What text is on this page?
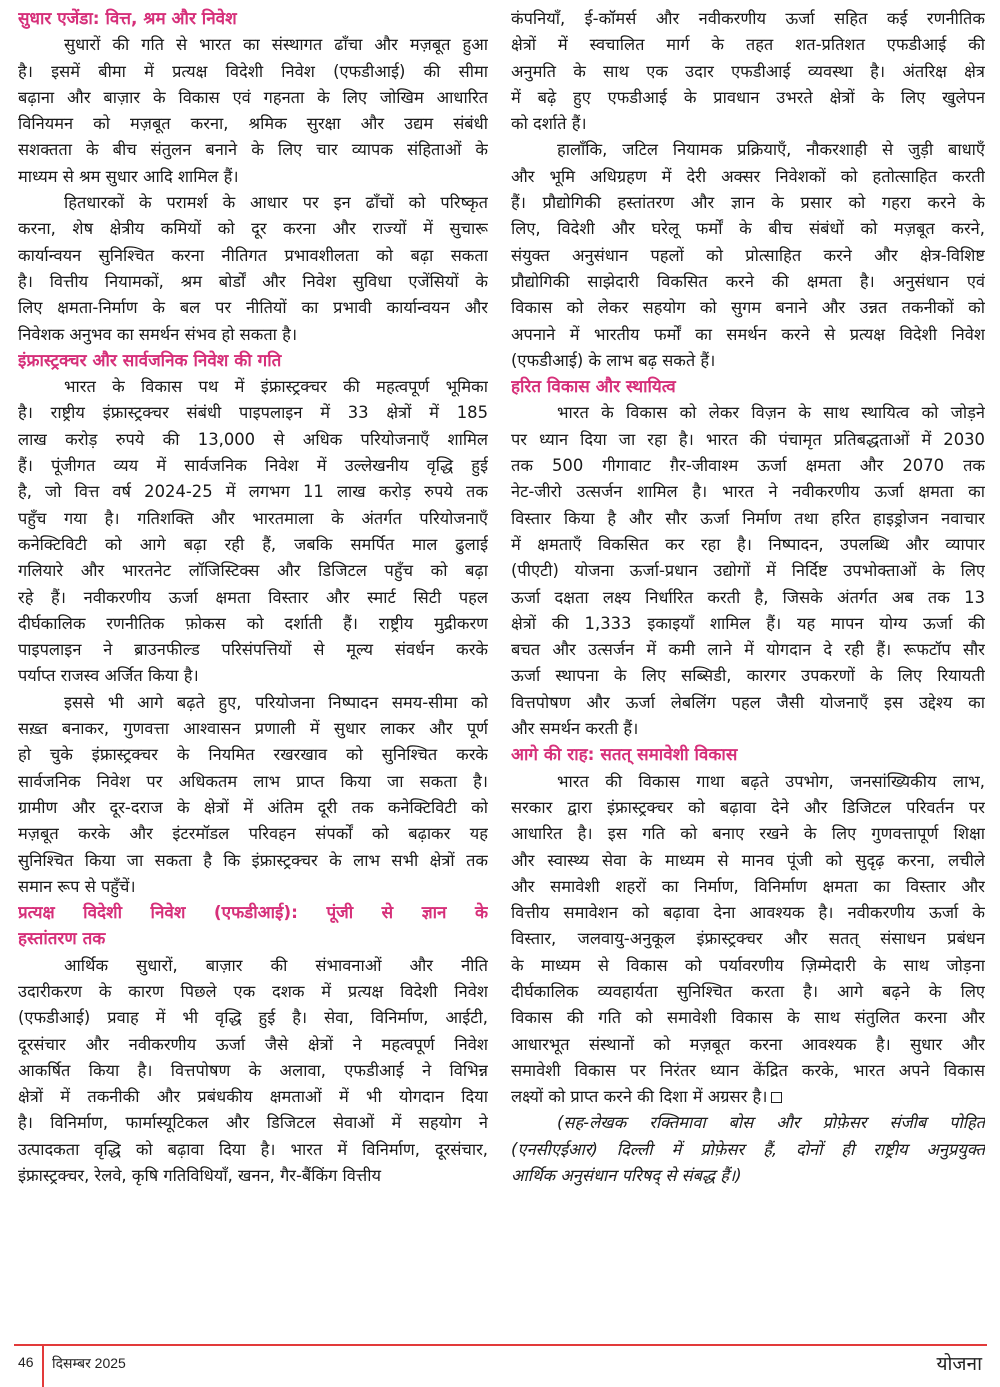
सुधार एजेंडा: वित्त, श्रम और निवेश
सुधारों की गति से भारत का संस्थागत ढाँचा और मज़बूत हुआ
है। इसमें बीमा में प्रत्यक्ष विदेशी निवेश (एफडीआई) की सीमा
बढ़ाना और बाज़ार के विकास एवं गहनता के लिए जोखिम आधारित
विनियमन को मज़बूत करना, श्रमिक सुरक्षा और उद्यम संबंधी
सशक्तता के बीच संतुलन बनाने के लिए चार व्यापक संहिताओं के
माध्यम से श्रम सुधार आदि शामिल हैं।
हितधारकों के परामर्श के आधार पर इन ढाँचों को परिष्कृत
करना, शेष क्षेत्रीय कमियों को दूर करना और राज्यों में सुचारू
कार्यान्वयन सुनिश्चित करना नीतिगत प्रभावशीलता को बढ़ा सकता
है। वित्तीय नियामकों, श्रम बोर्डों और निवेश सुविधा एजेंसियों के
लिए क्षमता-निर्माण के बल पर नीतियों का प्रभावी कार्यान्वयन और
निवेशक अनुभव का समर्थन संभव हो सकता है।
इंफ्रास्ट्रक्चर और सार्वजनिक निवेश की गति
भारत के विकास पथ में इंफ्रास्ट्रक्चर की महत्वपूर्ण भूमिका
है। राष्ट्रीय इंफ्रास्ट्रक्चर संबंधी पाइपलाइन में 33 क्षेत्रों में 185
लाख करोड़ रुपये की 13,000 से अधिक परियोजनाएँ शामिल
हैं। पूंजीगत व्यय में सार्वजनिक निवेश में उल्लेखनीय वृद्धि हुई
है, जो वित्त वर्ष 2024-25 में लगभग 11 लाख करोड़ रुपये तक
पहुँच गया है। गतिशक्ति और भारतमाला के अंतर्गत परियोजनाएँ
कनेक्टिविटी को आगे बढ़ा रही हैं, जबकि समर्पित माल ढुलाई
गलियारे और भारतनेट लॉजिस्टिक्स और डिजिटल पहुँच को बढ़ा
रहे हैं। नवीकरणीय ऊर्जा क्षमता विस्तार और स्मार्ट सिटी पहल
दीर्घकालिक रणनीतिक फ़ोकस को दर्शाती हैं। राष्ट्रीय मुद्रीकरण
पाइपलाइन ने ब्राउनफील्ड परिसंपत्तियों से मूल्य संवर्धन करके
पर्याप्त राजस्व अर्जित किया है।
इससे भी आगे बढ़ते हुए, परियोजना निष्पादन समय-सीमा को
सख़्त बनाकर, गुणवत्ता आश्वासन प्रणाली में सुधार लाकर और पूर्ण
हो चुके इंफ्रास्ट्रक्चर के नियमित रखरखाव को सुनिश्चित करके
सार्वजनिक निवेश पर अधिकतम लाभ प्राप्त किया जा सकता है।
ग्रामीण और दूर-दराज के क्षेत्रों में अंतिम दूरी तक कनेक्टिविटी को
मज़बूत करके और इंटरमॉडल परिवहन संपर्कों को बढ़ाकर यह
सुनिश्चित किया जा सकता है कि इंफ्रास्ट्रक्चर के लाभ सभी क्षेत्रों तक
समान रूप से पहुँचें।
प्रत्यक्ष विदेशी निवेश (एफडीआई): पूंजी से ज्ञान के
हस्तांतरण तक
आर्थिक सुधारों, बाज़ार की संभावनाओं और नीति
उदारीकरण के कारण पिछले एक दशक में प्रत्यक्ष विदेशी निवेश
(एफडीआई) प्रवाह में भी वृद्धि हुई है। सेवा, विनिर्माण, आईटी,
दूरसंचार और नवीकरणीय ऊर्जा जैसे क्षेत्रों ने महत्वपूर्ण निवेश
आकर्षित किया है। वित्तपोषण के अलावा, एफडीआई ने विभिन्न
क्षेत्रों में तकनीकी और प्रबंधकीय क्षमताओं में भी योगदान दिया
है। विनिर्माण, फार्मास्यूटिकल और डिजिटल सेवाओं में सहयोग ने
उत्पादकता वृद्धि को बढ़ावा दिया है। भारत में विनिर्माण, दूरसंचार,
इंफ्रास्ट्रक्चर, रेलवे, कृषि गतिविधियाँ, खनन, गैर-बैंकिंग वित्तीय
कंपनियाँ, ई-कॉमर्स और नवीकरणीय ऊर्जा सहित कई रणनीतिक
क्षेत्रों में स्वचालित मार्ग के तहत शत-प्रतिशत एफडीआई की
अनुमति के साथ एक उदार एफडीआई व्यवस्था है। अंतरिक्ष क्षेत्र
में बढ़े हुए एफडीआई के प्रावधान उभरते क्षेत्रों के लिए खुलेपन
को दर्शाते हैं।
हालाँकि, जटिल नियामक प्रक्रियाएँ, नौकरशाही से जुड़ी बाधाएँ
और भूमि अधिग्रहण में देरी अक्सर निवेशकों को हतोत्साहित करती
हैं। प्रौद्योगिकी हस्तांतरण और ज्ञान के प्रसार को गहरा करने के
लिए, विदेशी और घरेलू फर्मों के बीच संबंधों को मज़बूत करने,
संयुक्त अनुसंधान पहलों को प्रोत्साहित करने और क्षेत्र-विशिष्ट
प्रौद्योगिकी साझेदारी विकसित करने की क्षमता है। अनुसंधान एवं
विकास को लेकर सहयोग को सुगम बनाने और उन्नत तकनीकों को
अपनाने में भारतीय फर्मों का समर्थन करने से प्रत्यक्ष विदेशी निवेश
(एफडीआई) के लाभ बढ़ सकते हैं।
हरित विकास और स्थायित्व
भारत के विकास को लेकर विज़न के साथ स्थायित्व को जोड़ने
पर ध्यान दिया जा रहा है। भारत की पंचामृत प्रतिबद्धताओं में 2030
तक 500 गीगावाट ग़ैर-जीवाश्म ऊर्जा क्षमता और 2070 तक
नेट-जीरो उत्सर्जन शामिल है। भारत ने नवीकरणीय ऊर्जा क्षमता का
विस्तार किया है और सौर ऊर्जा निर्माण तथा हरित हाइड्रोजन नवाचार
में क्षमताएँ विकसित कर रहा है। निष्पादन, उपलब्धि और व्यापार
(पीएटी) योजना ऊर्जा-प्रधान उद्योगों में निर्दिष्ट उपभोक्ताओं के लिए
ऊर्जा दक्षता लक्ष्य निर्धारित करती है, जिसके अंतर्गत अब तक 13
क्षेत्रों की 1,333 इकाइयाँ शामिल हैं। यह मापन योग्य ऊर्जा की
बचत और उत्सर्जन में कमी लाने में योगदान दे रही हैं। रूफटॉप सौर
ऊर्जा स्थापना के लिए सब्सिडी, कारगर उपकरणों के लिए रियायती
वित्तपोषण और ऊर्जा लेबलिंग पहल जैसी योजनाएँ इस उद्देश्य का
और समर्थन करती हैं।
आगे की राह: सतत् समावेशी विकास
भारत की विकास गाथा बढ़ते उपभोग, जनसांख्यिकीय लाभ,
सरकार द्वारा इंफ्रास्ट्रक्चर को बढ़ावा देने और डिजिटल परिवर्तन पर
आधारित है। इस गति को बनाए रखने के लिए गुणवत्तापूर्ण शिक्षा
और स्वास्थ्य सेवा के माध्यम से मानव पूंजी को सुदृढ़ करना, लचीले
और समावेशी शहरों का निर्माण, विनिर्माण क्षमता का विस्तार और
वित्तीय समावेशन को बढ़ावा देना आवश्यक है। नवीकरणीय ऊर्जा के
विस्तार, जलवायु-अनुकूल इंफ्रास्ट्रक्चर और सतत् संसाधन प्रबंधन
के माध्यम से विकास को पर्यावरणीय ज़िम्मेदारी के साथ जोड़ना
दीर्घकालिक व्यवहार्यता सुनिश्चित करता है। आगे बढ़ने के लिए
विकास की गति को समावेशी विकास के साथ संतुलित करना और
आधारभूत संस्थानों को मज़बूत करना आवश्यक है। सुधार और
समावेशी विकास पर निरंतर ध्यान केंद्रित करके, भारत अपने विकास
लक्ष्यों को प्राप्त करने की दिशा में अग्रसर है।
(सह-लेखक रक्तिमावा बोस और प्रोफ़ेसर संजीब पोहित
(एनसीएईआर) दिल्ली में प्रोफ़ेसर हैं, दोनों ही राष्ट्रीय अनुप्रयुक्त
आर्थिक अनुसंधान परिषद् से संबद्ध हैं।)
46 दिसम्बर 2025	योजना
